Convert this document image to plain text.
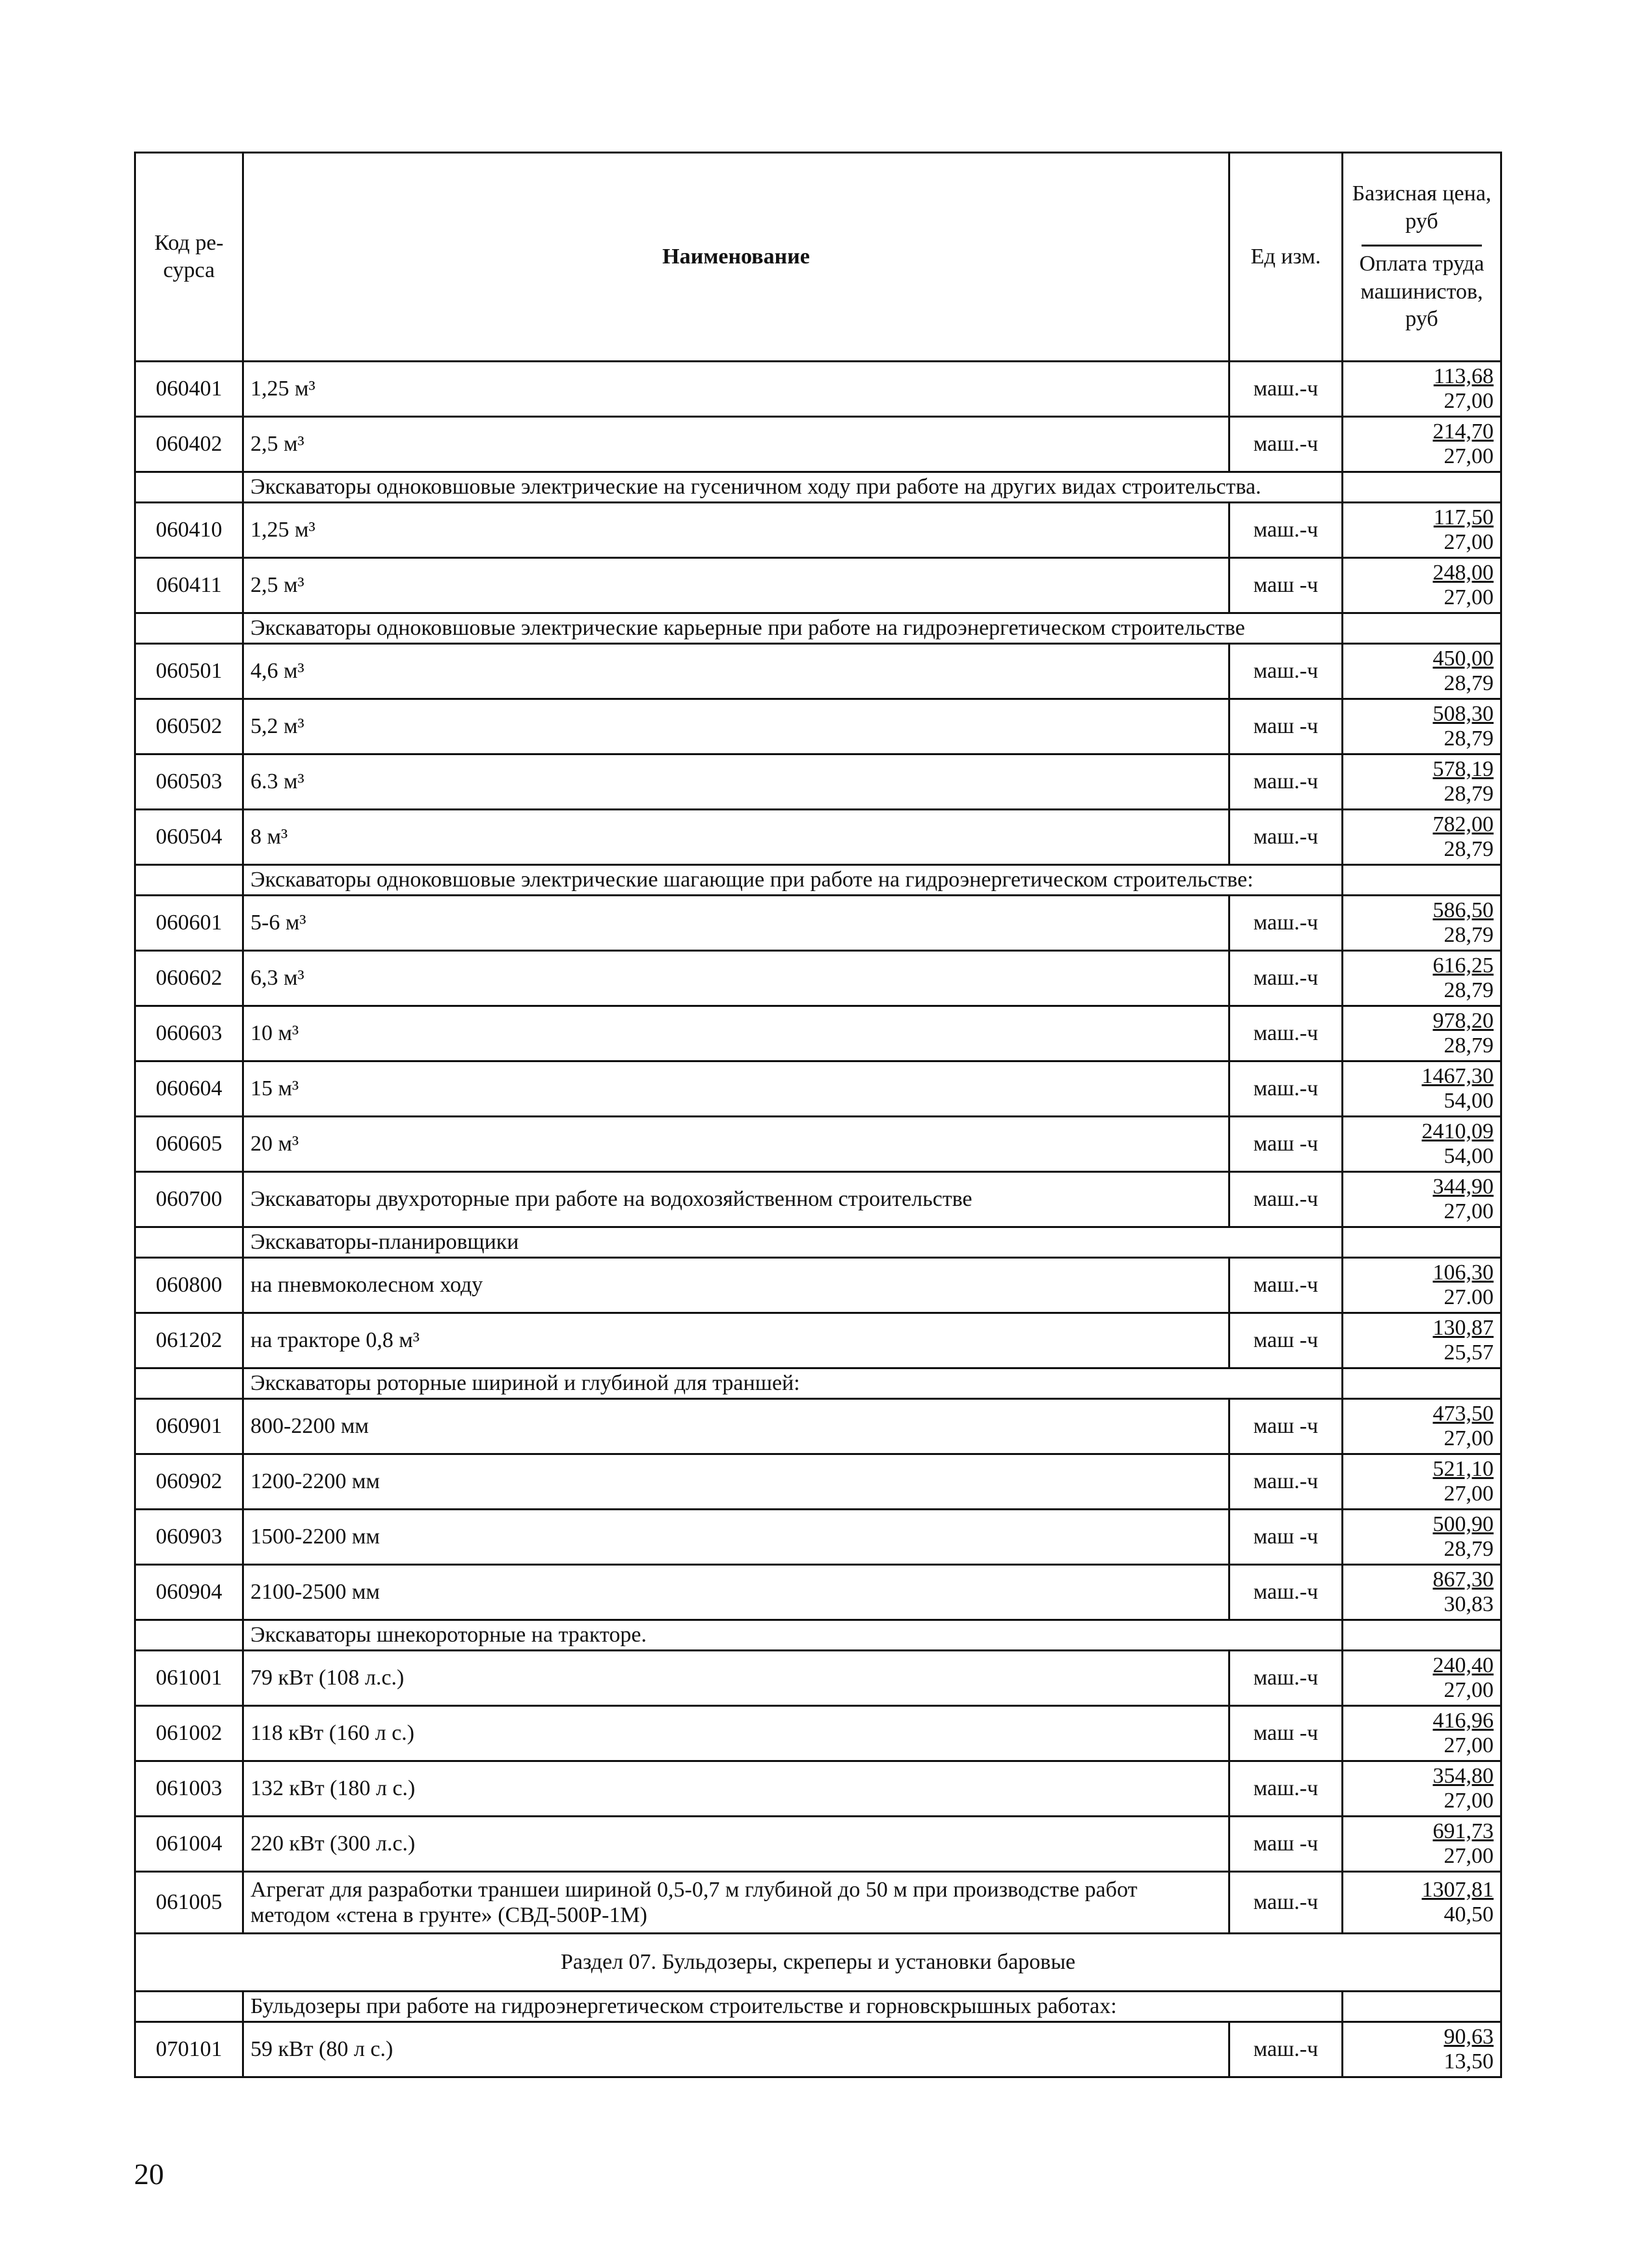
Код ре-сурса	Наименование	Ед изм.	Базисная цена, руб
Оплата труда машинистов, руб
060401	1,25 м³	маш.-ч	113,68
27,00

060402	2,5 м³	маш.-ч	214,70
27,00

	Экскаваторы одноковшовые электрические на гусеничном ходу при работе на других видах строительства.		
060410	1,25 м³	маш.-ч	117,50
27,00

060411	2,5 м³	маш -ч	248,00
27,00

	Экскаваторы одноковшовые электрические карьерные при работе на гидроэнергетическом строительстве		
060501	4,6 м³	маш.-ч	450,00
28,79

060502	5,2 м³	маш -ч	508,30
28,79

060503	6.3 м³	маш.-ч	578,19
28,79

060504	8 м³	маш.-ч	782,00
28,79

	Экскаваторы одноковшовые электрические шагающие при работе на гидроэнергетическом строительстве:		
060601	5-6 м³	маш.-ч	586,50
28,79

060602	6,3 м³	маш.-ч	616,25
28,79

060603	10 м³	маш.-ч	978,20
28,79

060604	15 м³	маш.-ч	1467,30
54,00

060605	20 м³	маш -ч	2410,09
54,00

060700	Экскаваторы двухроторные при работе на водохозяйственном строительстве	маш.-ч	344,90
27,00

	Экскаваторы-планировщики		
060800	на пневмоколесном ходу	маш.-ч	106,30
27.00

061202	на тракторе 0,8 м³	маш -ч	130,87
25,57

	Экскаваторы роторные шириной и глубиной для траншей:		
060901	800-2200 мм	маш -ч	473,50
27,00

060902	1200-2200 мм	маш.-ч	521,10
27,00

060903	1500-2200 мм	маш -ч	500,90
28,79

060904	2100-2500 мм	маш.-ч	867,30
30,83

	Экскаваторы шнекороторные на тракторе.		
061001	79 кВт (108 л.с.)	маш.-ч	240,40
27,00

061002	118 кВт (160 л с.)	маш -ч	416,96
27,00

061003	132 кВт (180 л с.)	маш.-ч	354,80
27,00

061004	220 кВт (300 л.с.)	маш -ч	691,73
27,00

061005	Агрегат для разработки траншеи шириной 0,5-0,7 м глубиной до 50 м при производстве работ методом «стена в грунте» (СВД-500Р-1М)	маш.-ч	1307,81
40,50

Раздел 07. Бульдозеры, скреперы и установки баровые			
	Бульдозеры при работе на гидроэнергетическом строительстве и горновскрышных работах:		
070101	59 кВт (80 л с.)	маш.-ч	90,63
13,50
20
